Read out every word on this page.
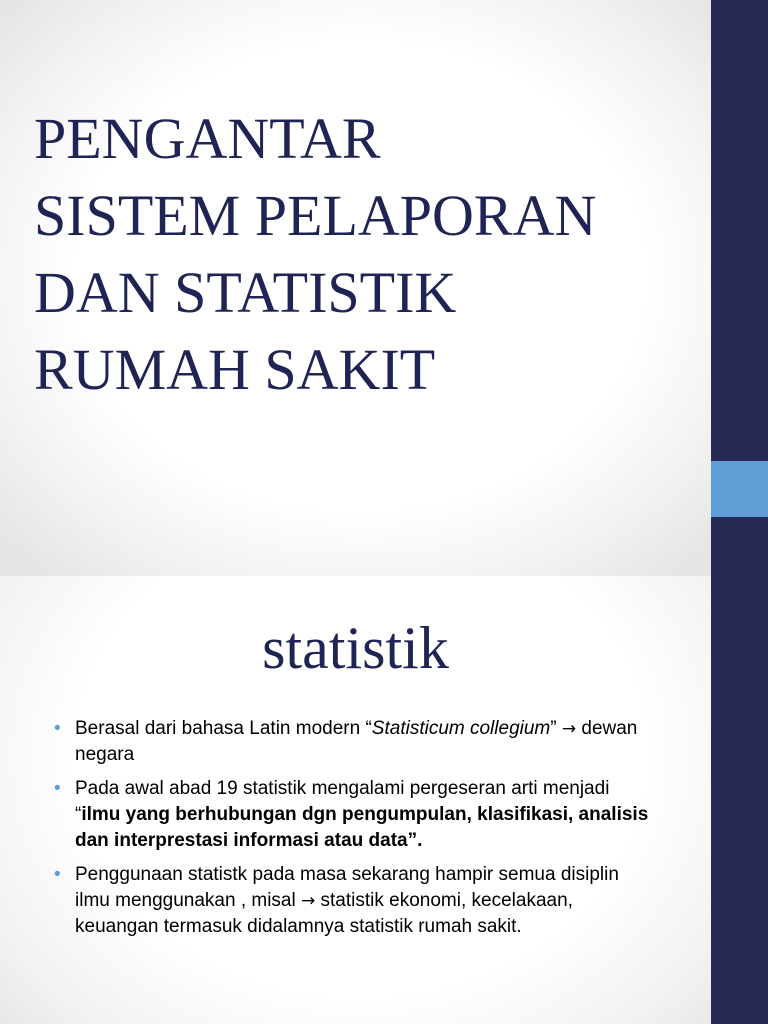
PENGANTAR
SISTEM PELAPORAN
DAN STATISTIK
RUMAH SAKIT
statistik
• Berasal dari bahasa Latin modern “Statisticum collegium” → dewan negara
• Pada awal abad 19 statistik mengalami pergeseran arti menjadi “ilmu yang berhubungan dgn pengumpulan, klasifikasi, analisis dan interprestasi informasi atau data”.
• Penggunaan statistk pada masa sekarang hampir semua disiplin ilmu menggunakan , misal → statistik ekonomi, kecelakaan, keuangan termasuk didalamnya statistik rumah sakit.
